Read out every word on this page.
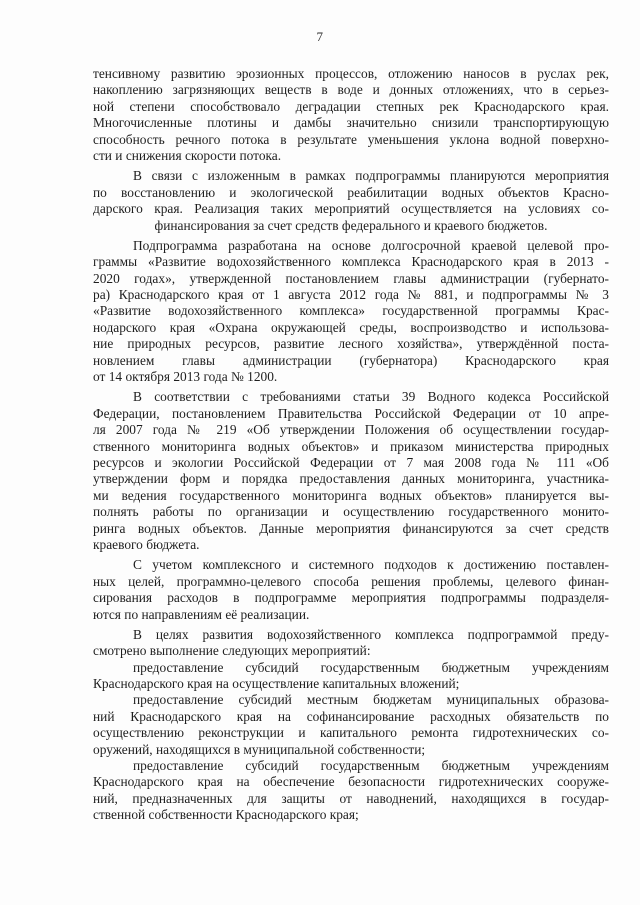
7
тенсивному развитию эрозионных процессов, отложению наносов в руслах рек,
накоплению загрязняющих веществ в воде и донных отложениях, что в серьез-
ной степени способствовало деградации степных рек Краснодарского края.
Многочисленные плотины и дамбы значительно снизили транспортирующую
способность речного потока в результате уменьшения уклона водной поверхно-
сти и снижения скорости потока.
В связи с изложенным в рамках подпрограммы планируются мероприятия
по восстановлению и экологической реабилитации водных объектов Красно-
дарского края. Реализация таких мероприятий осуществляется на условиях со-
финансирования за счет средств федерального и краевого бюджетов.
Подпрограмма разработана на основе долгосрочной краевой целевой про-
граммы «Развитие водохозяйственного комплекса Краснодарского края в 2013 -
2020 годах», утвержденной постановлением главы администрации (губернато-
ра) Краснодарского края от 1 августа 2012 года № 881, и подпрограммы № 3
«Развитие водохозяйственного комплекса» государственной программы Крас-
нодарского края «Охрана окружающей среды, воспроизводство и использова-
ние природных ресурсов, развитие лесного хозяйства», утверждённой поста-
новлением главы администрации (губернатора) Краснодарского края
от 14 октября 2013 года № 1200.
В соответствии с требованиями статьи 39 Водного кодекса Российской
Федерации, постановлением Правительства Российской Федерации от 10 апре-
ля 2007 года № 219 «Об утверждении Положения об осуществлении государ-
ственного мониторинга водных объектов» и приказом министерства природных
ресурсов и экологии Российской Федерации от 7 мая 2008 года № 111 «Об
утверждении форм и порядка предоставления данных мониторинга, участника-
ми ведения государственного мониторинга водных объектов» планируется вы-
полнять работы по организации и осуществлению государственного монито-
ринга водных объектов. Данные мероприятия финансируются за счет средств
краевого бюджета.
С учетом комплексного и системного подходов к достижению поставлен-
ных целей, программно-целевого способа решения проблемы, целевого финан-
сирования расходов в подпрограмме мероприятия подпрограммы подразделя-
ются по направлениям её реализации.
В целях развития водохозяйственного комплекса подпрограммой преду-
смотрено выполнение следующих мероприятий:
предоставление субсидий государственным бюджетным учреждениям
Краснодарского края на осуществление капитальных вложений;
предоставление субсидий местным бюджетам муниципальных образова-
ний Краснодарского края на софинансирование расходных обязательств по
осуществлению реконструкции и капитального ремонта гидротехнических со-
оружений, находящихся в муниципальной собственности;
предоставление субсидий государственным бюджетным учреждениям
Краснодарского края на обеспечение безопасности гидротехнических сооруже-
ний, предназначенных для защиты от наводнений, находящихся в государ-
ственной собственности Краснодарского края;
